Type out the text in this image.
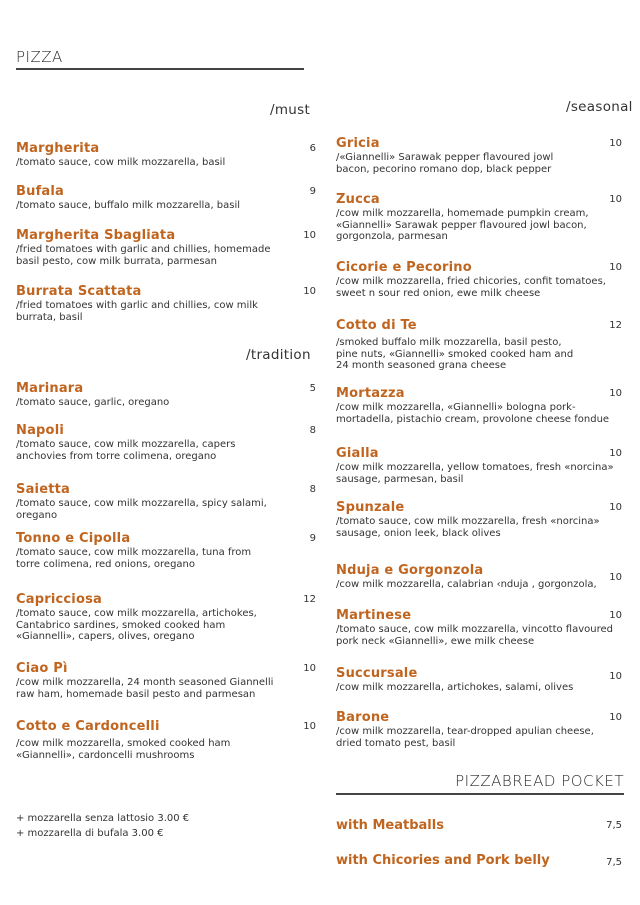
PIZZA
/must	/seasonal
/tradition
Margherita
/tomato sauce, cow milk mozzarella, basil
6
Bufala
/tomato sauce, buffalo milk mozzarella, basil
9
Margherita Sbagliata
/fried tomatoes with garlic and chillies, homemade basil pesto, cow milk burrata, parmesan
10
Burrata Scattata
/fried tomatoes with garlic and chillies, cow milk burrata, basil
10
Marinara
/tomato sauce, garlic, oregano
5
Napoli
/tomato sauce, cow milk mozzarella, capers anchovies from torre colimena, oregano
8
Saietta
/tomato sauce, cow milk mozzarella, spicy salami, oregano
8
Tonno e Cipolla
/tomato sauce, cow milk mozzarella, tuna from torre colimena, red onions, oregano
9
Capricciosa
/tomato sauce, cow milk mozzarella, artichokes, Cantabrico sardines, smoked cooked ham «Giannelli», capers, olives, oregano
12
Ciao Pì
/cow milk mozzarella, 24 month seasoned Giannelli raw ham, homemade basil pesto and parmesan
10
Cotto e Cardoncelli
/cow milk mozzarella, smoked cooked ham «Giannelli», cardoncelli mushrooms
10
+ mozzarella senza lattosio 3.00 €
+ mozzarella di bufala 3.00 €
Gricia
/«Giannelli» Sarawak pepper flavoured jowl bacon, pecorino romano dop, black pepper
10
Zucca
/cow milk mozzarella, homemade pumpkin cream, «Giannelli» Sarawak pepper flavoured jowl bacon, gorgonzola, parmesan
10
Cicorie e Pecorino
/cow milk mozzarella, fried chicories, confit tomatoes, sweet n sour red onion, ewe milk cheese
10
Cotto di Te
/smoked buffalo milk mozzarella, basil pesto, pine nuts, «Giannelli» smoked cooked ham and 24 month seasoned grana cheese
12
Mortazza
/cow milk mozzarella, «Giannelli» bologna pork-mortadella, pistachio cream, provolone cheese fondue
10
Gialla
/cow milk mozzarella, yellow tomatoes, fresh «norcina» sausage, parmesan, basil
10
Spunzale
/tomato sauce, cow milk mozzarella, fresh «norcina» sausage, onion leek, black olives
10
Nduja e Gorgonzola
/cow milk mozzarella, calabrian ‹nduja , gorgonzola,
10
Martinese
/tomato sauce, cow milk mozzarella, vincotto flavoured pork neck «Giannelli», ewe milk cheese
10
Succursale
/cow milk mozzarella, artichokes, salami, olives
10
Barone
/cow milk mozzarella, tear-dropped apulian cheese, dried tomato pest, basil
10
PIZZABREAD POCKET
with Meatballs	7,5
with Chicories and Pork belly	7,5
